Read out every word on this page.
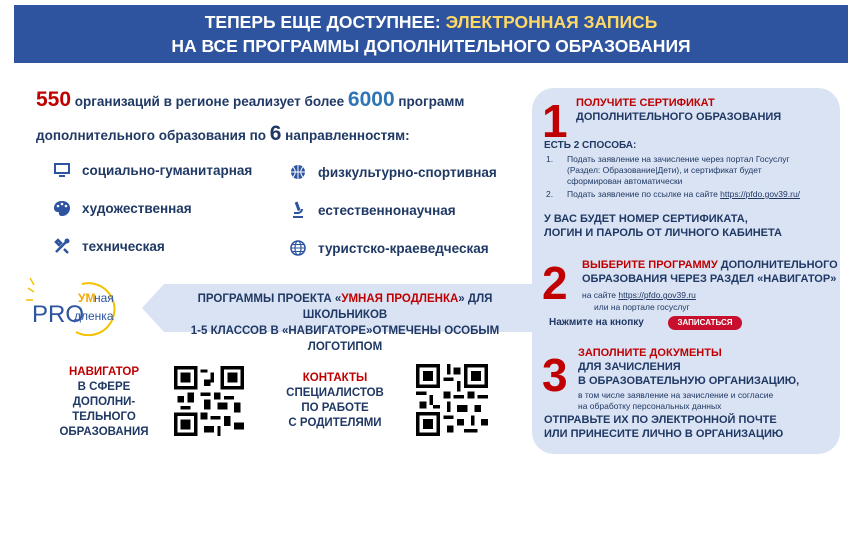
ТЕПЕРЬ ЕЩЕ ДОСТУПНЕЕ: ЭЛЕКТРОННАЯ ЗАПИСЬ
НА ВСЕ ПРОГРАММЫ ДОПОЛНИТЕЛЬНОГО ОБРАЗОВАНИЯ
550 организаций в регионе реализует более 6000 программ
дополнительного образования по 6 направленностям:
социально-гуманитарная	физкультурно-спортивная
художественная	естественнонаучная
техническая	туристско-краеведческая
PRO
УМ
ная
дленка
ПРОГРАММЫ ПРОЕКТА «УМНАЯ ПРОДЛЕНКА» ДЛЯ ШКОЛЬНИКОВ
1-5 КЛАССОВ В «НАВИГАТОРЕ»ОТМЕЧЕНЫ ОСОБЫМ ЛОГОТИПОМ
НАВИГАТОР
В СФЕРЕ
ДОПОЛНИ-
ТЕЛЬНОГО
ОБРАЗОВАНИЯ
КОНТАКТЫ
СПЕЦИАЛИСТОВ
ПО РАБОТЕ
С РОДИТЕЛЯМИ
1 ПОЛУЧИТЕ СЕРТИФИКАТ
ДОПОЛНИТЕЛЬНОГО ОБРАЗОВАНИЯ
ЕСТЬ 2 СПОСОБА:
1. Подать заявление на зачисление через портал Госуслуг
(Раздел: Образование|Дети), и сертификат будет
сформирован автоматически
2. Подать заявление по ссылке на сайте https://pfdo.gov39.ru/
У ВАС БУДЕТ НОМЕР СЕРТИФИКАТА,
ЛОГИН И ПАРОЛЬ ОТ ЛИЧНОГО КАБИНЕТА
2 ВЫБЕРИТЕ ПРОГРАММУ ДОПОЛНИТЕЛЬНОГО
ОБРАЗОВАНИЯ ЧЕРЕЗ РАЗДЕЛ «НАВИГАТОР»
на сайте https://pfdo.gov39.ru
или на портале госуслуг
Нажмите на кнопку	ЗАПИСАТЬСЯ
3 ЗАПОЛНИТЕ ДОКУМЕНТЫ
ДЛЯ ЗАЧИСЛЕНИЯ
В ОБРАЗОВАТЕЛЬНУЮ ОРГАНИЗАЦИЮ,
в том числе заявление на зачисление и согласие
на обработку персональных данных
ОТПРАВЬТЕ ИХ ПО ЭЛЕКТРОННОЙ ПОЧТЕ
ИЛИ ПРИНЕСИТЕ ЛИЧНО В ОРГАНИЗАЦИЮ
